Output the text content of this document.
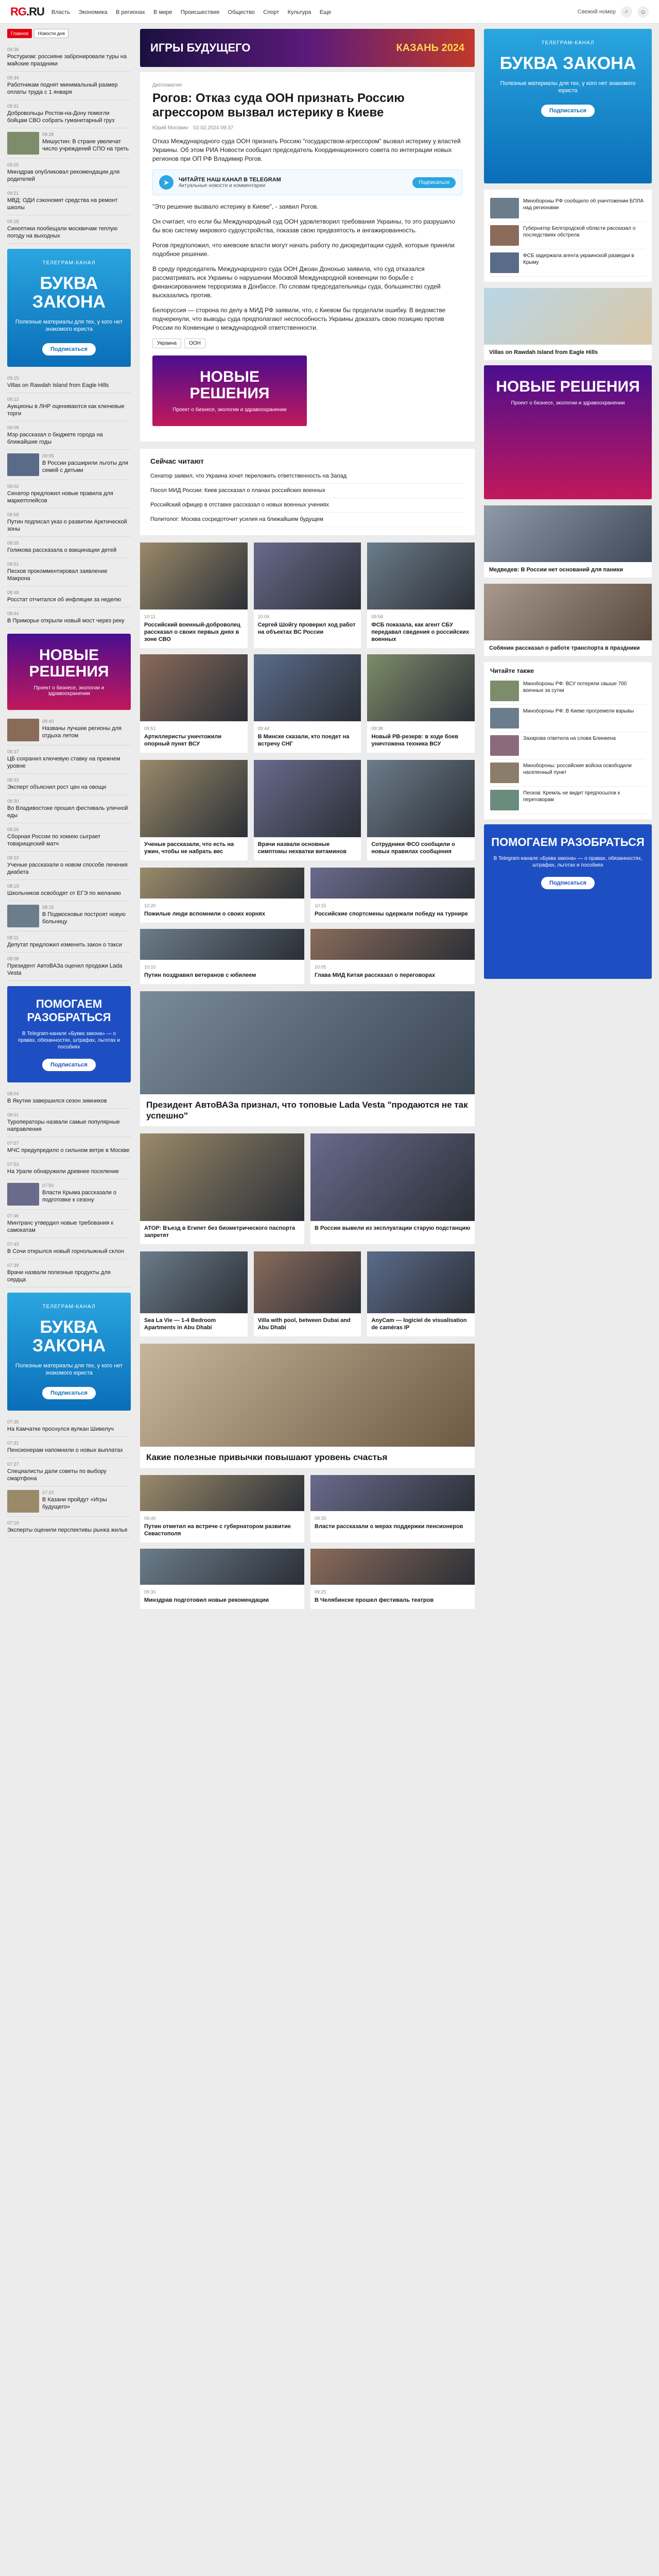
RG.RU Власть Экономика В регионах В мире Происшествия Общество Спорт Культура Еще	Свежий номер	⌕	☺
Главное	Новости дня
09:36
Ростуризм: россияне забронировали туры на майские праздники
09:34
Работникам поднят минимальный размер оплаты труда с 1 января
09:31
Добровольцы Ростов-на-Дону помогли бойцам СВО собрать гуманитарный груз
09:28
Мишустин: В стране увеличат число учреждений СПО на треть
09:25
Минздрав опубликовал рекомендации для родителей
09:21
МВД: ОДИ сэкономят средства на ремонт школы
09:18
Синоптики пообещали москвичам теплую погоду на выходных
ТЕЛЕГРАМ-КАНАЛ
БУКВА ЗАКОНА
Полезные материалы для тех, у кого нет знакомого юриста
Подписаться
09:15
Villas on Rawdah Island from Eagle Hills
09:12
Аукционы в ЛНР оцениваются как ключевые торги
09:09
Мэр рассказал о бюджете города на ближайшие годы
09:05
В России расширили льготы для семей с детьми
09:02
Сенатор предложил новые правила для маркетплейсов
08:58
Путин подписал указ о развитии Арктической зоны
08:55
Голикова рассказала о вакцинации детей
08:51
Песков прокомментировал заявление Макрона
08:48
Росстат отчитался об инфляции за неделю
08:44
В Приморье открыли новый мост через реку
НОВЫЕ РЕШЕНИЯ
Проект о бизнесе, экологии и здравоохранении
08:40
Названы лучшие регионы для отдыха летом
08:37
ЦБ сохранил ключевую ставку на прежнем уровне
08:33
Эксперт объяснил рост цен на овощи
08:30
Во Владивостоке прошел фестиваль уличной еды
08:26
Сборная России по хоккею сыграет товарищеский матч
08:22
Ученые рассказали о новом способе лечения диабета
08:19
Школьников освободят от ЕГЭ по желанию
08:15
В Подмосковье построят новую больницу
08:11
Депутат предложил изменить закон о такси
08:08
Президент АвтоВАЗа оценил продажи Lada Vesta
ПОМОГАЕМ РАЗОБРАТЬСЯ
В Telegram-канале «Буква закона» — о правах, обязанностях, штрафах, льготах и пособиях
Подписаться
08:04
В Якутии завершился сезон зимников
08:01
Туроператоры назвали самые популярные направления
07:57
МЧС предупредило о сильном ветре в Москве
07:53
На Урале обнаружили древнее поселение
07:50
Власти Крыма рассказали о подготовке к сезону
07:46
Минтранс утвердил новые требования к самокатам
07:43
В Сочи открылся новый горнолыжный склон
07:39
Врачи назвали полезные продукты для сердца
ТЕЛЕГРАМ-КАНАЛ
БУКВА ЗАКОНА
Полезные материалы для тех, у кого нет знакомого юриста
Подписаться
07:35
На Камчатке проснулся вулкан Шивелуч
07:31
Пенсионерам напомнили о новых выплатах
07:27
Специалисты дали советы по выбору смартфона
07:23
В Казани пройдут «Игры будущего»
07:19
Эксперты оценили перспективы рынка жилья
ИГРЫ БУДУЩЕГО	КАЗАНЬ 2024
Дипломатия
Рогов: Отказ суда ООН признать Россию агрессором вызвал истерику в Киеве
Юрий Москвин 02.02.2024 09:37

Отказ Международного суда ООН признать Россию "государством-агрессором" вызвал истерику у властей Украины. Об этом РИА Новости сообщил председатель Координационного совета по интеграции новых регионов при ОП РФ Владимир Рогов.

➤	ЧИТАЙТЕ НАШ КАНАЛ В TELEGRAM
Актуальные новости и комментарии
Подписаться

"Это решение вызвало истерику в Киеве", - заявил Рогов.

Он считает, что если бы Международный суд ООН удовлетворил требования Украины, то это разрушило бы всю систему мирового судоустройства, показав свою предвзятость и ангажированность.

Рогов предположил, что киевские власти могут начать работу по дискредитации судей, которые приняли подобное решение.

В среду председатель Международного суда ООН Джоан Донохью заявила, что суд отказался рассматривать иск Украины о нарушении Москвой Международной конвенции по борьбе с финансированием терроризма в Донбассе. По словам председательницы суда, большинство судей высказались против.

Белоруссия — сторона по делу в МИД РФ заявили, что, с Киевом бы проделали ошибку. В ведомстве подчеркнули, что выводы суда предполагают неспособность Украины доказать свою позицию против России по Конвенции о международной ответственности.

Украина	ООН
НОВЫЕ РЕШЕНИЯ
Проект о бизнесе, экологии и здравоохранении
Сейчас читают
Сенатор заявил, что Украина хочет переложить ответственность на Запад
Посол МИД России: Киев рассказал о планах российских военных
Российский офицер в отставке рассказал о новых военных учениях
Политолог: Москва сосредоточит усилия на ближайшем будущем
10:11
Российский военный-доброволец рассказал о своих первых днях в зоне СВО
10:04
Сергей Шойгу проверил ход работ на объектах ВС России
09:58
ФСБ показала, как агент СБУ передавал сведения о российских военных
09:51
Артиллеристы уничтожили опорный пункт ВСУ
09:44
В Минске сказали, кто поедет на встречу СНГ
09:38
Новый РВ-резерв: в ходе боев уничтожена техника ВСУ
Ученые рассказали, что есть на ужин, чтобы не набрать вес
Врачи назвали основные симптомы нехватки витаминов
Сотрудники ФСО сообщили о новых правилах сообщения
10:20
Пожилые люди вспомнили о своих корнях
10:15
Российские спортсмены одержали победу на турнире
10:10
Путин поздравил ветеранов с юбилеем
10:05
Глава МИД Китая рассказал о переговорах
Президент АвтоВАЗа признал, что топовые Lada Vesta "продаются не так успешно"
АТОР: Въезд в Египет без биометрического паспорта запретят
В России вывели из эксплуатации старую подстанцию
Sea La Vie — 1-4 Bedroom Apartments in Abu Dhabi
Villa with pool, between Dubai and Abu Dhabi
AnyCam — logiciel de visualisation de caméras IP
Какие полезные привычки повышают уровень счастья
09:40
Путин отметил на встрече с губернатором развитие Севастополя
09:35
Власти рассказали о мерах поддержки пенсионеров
09:30
Минздрав подготовил новые рекомендации
09:25
В Челябинске прошел фестиваль театров
ТЕЛЕГРАМ-КАНАЛ
БУКВА ЗАКОНА
Полезные материалы для тех, у кого нет знакомого юриста
Подписаться
Минобороны РФ сообщило об уничтожении БПЛА над регионами
Губернатор Белгородской области рассказал о последствиях обстрела
ФСБ задержала агента украинской разведки в Крыму
Villas on Rawdah Island from Eagle Hills
НОВЫЕ РЕШЕНИЯ
Проект о бизнесе, экологии и здравоохранении
Медведев: В России нет оснований для паники
Собянин рассказал о работе транспорта в праздники
Читайте также
Минобороны РФ: ВСУ потеряли свыше 700 военных за сутки
Минобороны РФ: В Киеве прогремели взрывы
Захарова ответила на слова Блинкена
Минобороны: российские войска освободили населенный пункт
Песков: Кремль не видит предпосылок к переговорам
ПОМОГАЕМ РАЗОБРАТЬСЯ
В Telegram-канале «Буква закона» — о правах, обязанностях, штрафах, льготах и пособиях
Подписаться
